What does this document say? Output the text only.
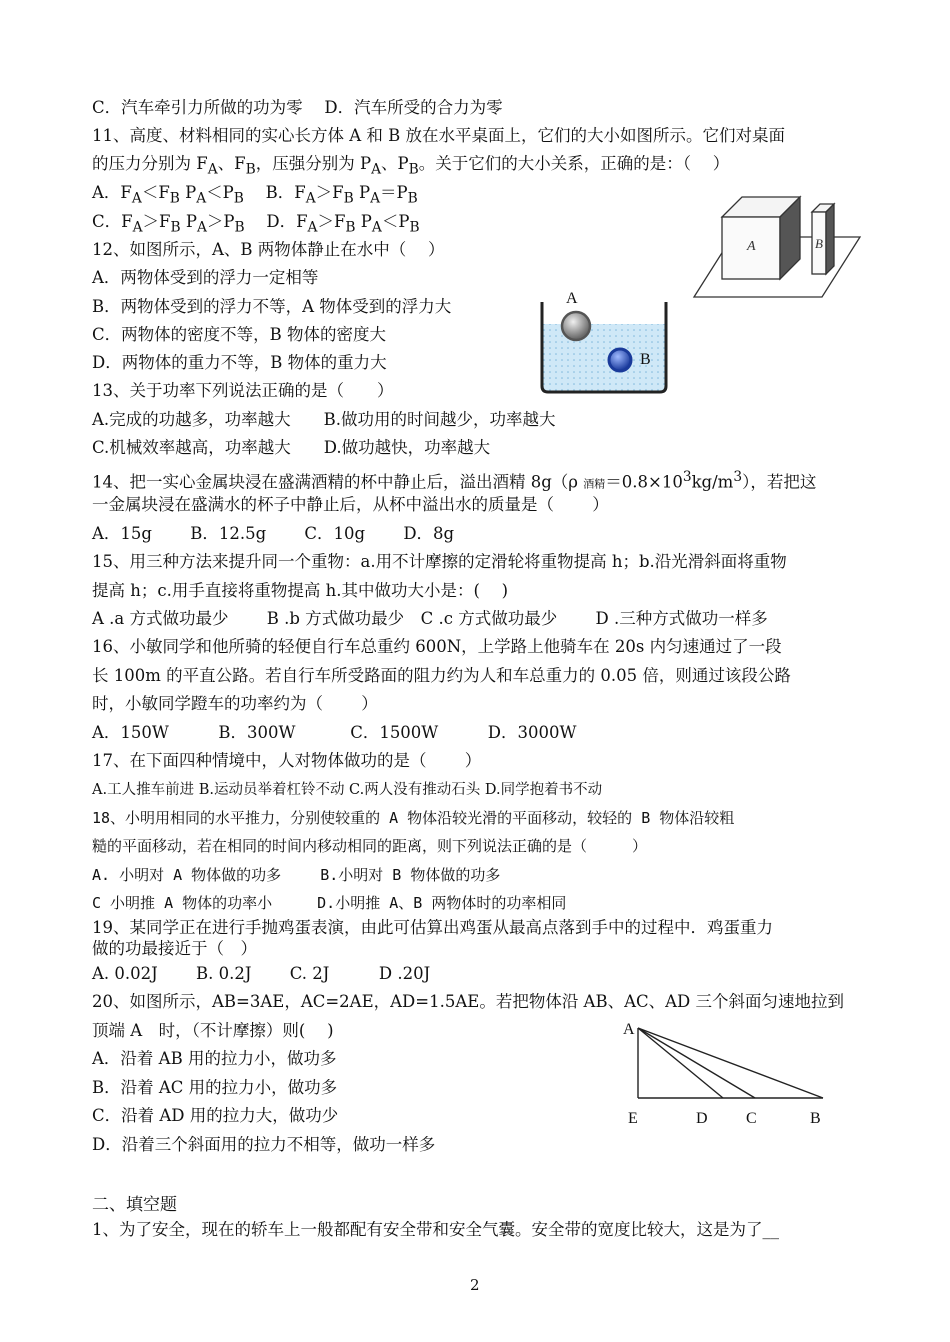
C．汽车牵引力所做的功为零　 D．汽车所受的合力为零
11、高度、材料相同的实心长方体 A 和 B 放在水平桌面上，它们的大小如图所示。它们对桌面
的压力分别为 $F_A$、$F_B$，压强分别为 $P_A$、$P_B$。关于它们的大小关系，正确的是：（　 ）
A．$F_A<F_B$ $P_A<P_B$　 B．$F_A>F_B$ $P_A=P_B$
C．$F_A>F_B$ $P_A>P_B$　 D．$F_A>F_B$ $P_A<P_B$
12、如图所示，A、B 两物体静止在水中（　 ）
A．两物体受到的浮力一定相等
B．两物体受到的浮力不等，A 物体受到的浮力大
C．两物体的密度不等，B 物体的密度大
D．两物体的重力不等，B 物体的重力大
13、关于功率下列说法正确的是（　　）
A.完成的功越多，功率越大　　B.做功用的时间越少，功率越大
C.机械效率越高，功率越大　　D.做功越快，功率越大
14、把一实心金属块浸在盛满酒精的杯中静止后，溢出酒精 8g（ρ 酒精$=0.8\times 10^3kg/m^3$），若把这
一金属块浸在盛满水的杯子中静止后，从杯中溢出水的质量是（　　 ）
A．15g　　 B．12.5g　　 C．10g　　 D．8g
15、用三种方法来提升同一个重物：a.用不计摩擦的定滑轮将重物提高 h；b.沿光滑斜面将重物
提高 h；c.用手直接将重物提高 h.其中做功大小是：(　 )
A .a 方式做功最少　　 B .b 方式做功最少　C .c 方式做功最少　　 D .三种方式做功一样多
16、小敏同学和他所骑的轻便自行车总重约 600N，上学路上他骑车在 20s 内匀速通过了一段
长 100m 的平直公路。若自行车所受路面的阻力约为人和车总重力的 0.05 倍，则通过该段公路
时，小敏同学蹬车的功率约为（　　 ）
A．150W　　　B．300W　　　 C．1500W　　　D．3000W
17、在下面四种情境中，人对物体做功的是（　　 ）
A.工人推车前进 B.运动员举着杠铃不动 C.两人没有推动石头 D.同学抱着书不动
18、小明用相同的水平推力，分别使较重的 A 物体沿较光滑的平面移动，较轻的 B 物体沿较粗
糙的平面移动，若在相同的时间内移动相同的距离，则下列说法正确的是（　　　）
A. 小明对 A 物体做的功多　　 B.小明对 B 物体做的功多
C 小明推 A 物体的功率小　　　D.小明推 A、B 两物体时的功率相同
19、某同学正在进行手抛鸡蛋表演，由此可估算出鸡蛋从最高点落到手中的过程中．鸡蛋重力
做的功最接近于（　）
A. 0.02J　　 B. 0.2J　　 C. 2J　　　D .20J
20、如图所示，AB=3AE，AC=2AE，AD=1.5AE。若把物体沿 AB、AC、AD 三个斜面匀速地拉到
顶端 A　时，（不计摩擦）则(　 )
A．沿着 AB 用的拉力小，做功多
B．沿着 AC 用的拉力小，做功多
C．沿着 AD 用的拉力大，做功少
D．沿着三个斜面用的拉力不相等，做功一样多
二、填空题
1、为了安全，现在的轿车上一般都配有安全带和安全气囊。安全带的宽度比较大，这是为了__
A	B
A
B
A
E	D C	B
2
